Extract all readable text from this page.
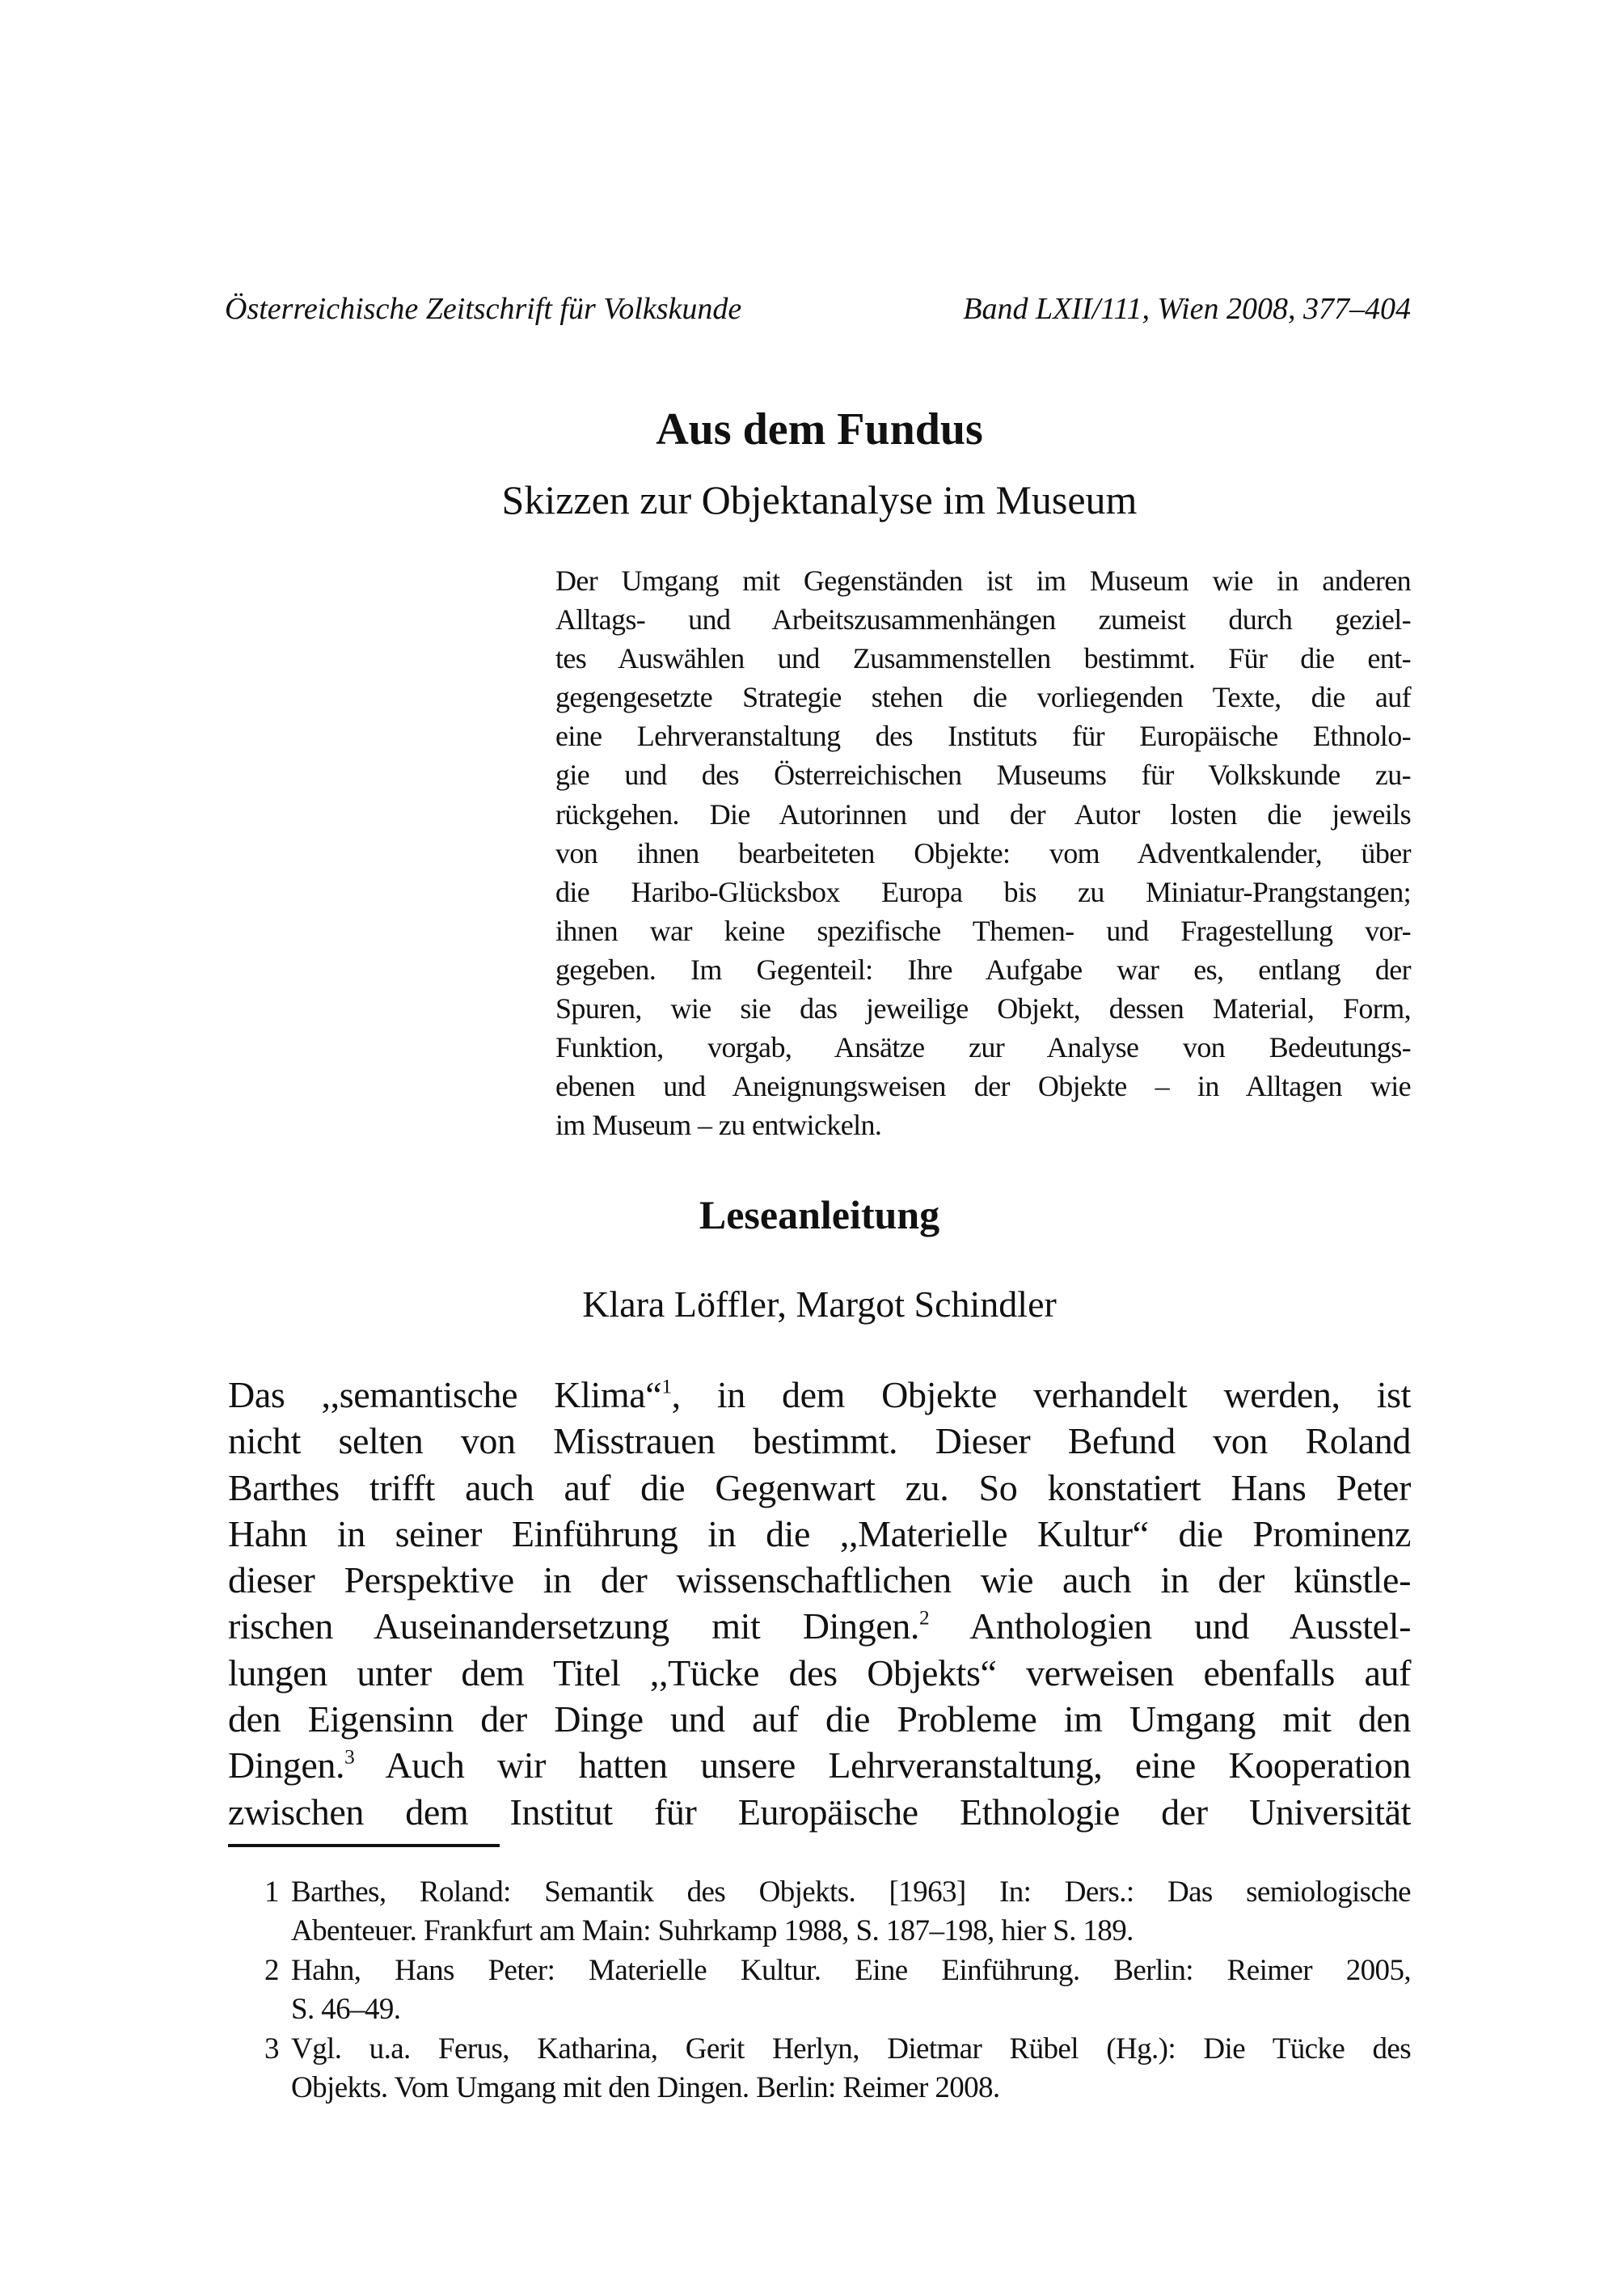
Österreichische Zeitschrift für Volkskunde	Band LXII/111, Wien 2008, 377–404
Aus dem Fundus
Skizzen zur Objektanalyse im Museum
Der Umgang mit Gegenständen ist im Museum wie in anderen
Alltags- und Arbeitszusammenhängen zumeist durch geziel-
tes Auswählen und Zusammenstellen bestimmt. Für die ent-
gegengesetzte Strategie stehen die vorliegenden Texte, die auf
eine Lehrveranstaltung des Instituts für Europäische Ethnolo-
gie und des Österreichischen Museums für Volkskunde zu-
rückgehen. Die Autorinnen und der Autor losten die jeweils
von ihnen bearbeiteten Objekte: vom Adventkalender, über
die Haribo-Glücksbox Europa bis zu Miniatur-Prangstangen;
ihnen war keine spezifische Themen- und Fragestellung vor-
gegeben. Im Gegenteil: Ihre Aufgabe war es, entlang der
Spuren, wie sie das jeweilige Objekt, dessen Material, Form,
Funktion, vorgab, Ansätze zur Analyse von Bedeutungs-
ebenen und Aneignungsweisen der Objekte – in Alltagen wie
im Museum – zu entwickeln.
Leseanleitung
Klara Löffler, Margot Schindler
Das ,,semantische Klima“$^1$, in dem Objekte verhandelt werden, ist
nicht selten von Misstrauen bestimmt. Dieser Befund von Roland
Barthes trifft auch auf die Gegenwart zu. So konstatiert Hans Peter
Hahn in seiner Einführung in die ,,Materielle Kultur“ die Prominenz
dieser Perspektive in der wissenschaftlichen wie auch in der künstle-
rischen Auseinandersetzung mit Dingen.$^2$ Anthologien und Ausstel-
lungen unter dem Titel ,,Tücke des Objekts“ verweisen ebenfalls auf
den Eigensinn der Dinge und auf die Probleme im Umgang mit den
Dingen.$^3$ Auch wir hatten unsere Lehrveranstaltung, eine Kooperation
zwischen dem Institut für Europäische Ethnologie der Universität
1 Barthes, Roland: Semantik des Objekts. [1963] In: Ders.: Das semiologische
Abenteuer. Frankfurt am Main: Suhrkamp 1988, S. 187–198, hier S. 189.
2 Hahn, Hans Peter: Materielle Kultur. Eine Einführung. Berlin: Reimer 2005,
S. 46–49.
3 Vgl. u.a. Ferus, Katharina, Gerit Herlyn, Dietmar Rübel (Hg.): Die Tücke des
Objekts. Vom Umgang mit den Dingen. Berlin: Reimer 2008.
